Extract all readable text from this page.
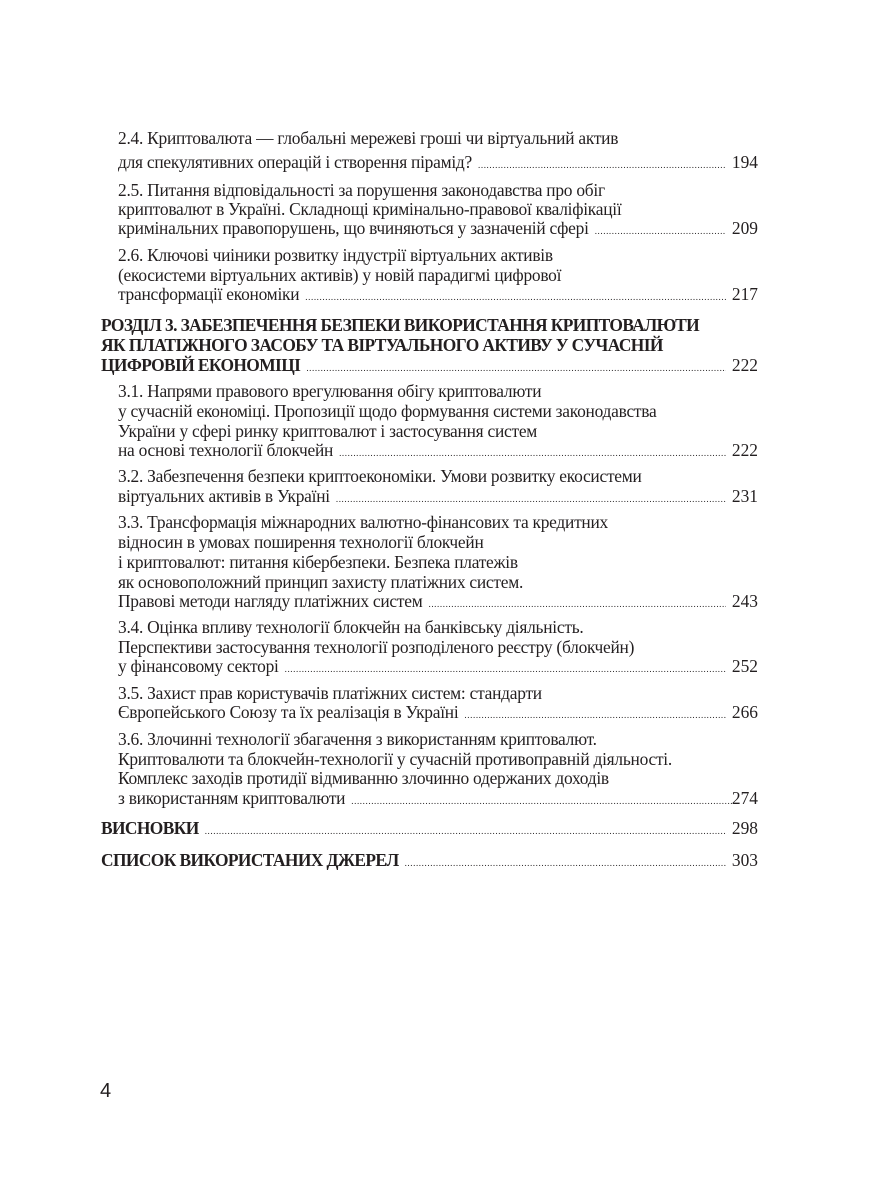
2.4. Криптовалюта — глобальні мережеві гроші чи віртуальний актив
для спекулятивних операцій і створення пірамід? .....	194
2.5. Питання відповідальності за порушення законодавства про обіг
криптовалют в Україні. Складнощі кримінально-правової кваліфікації
кримінальних правопорушень, що вчиняються у зазначеній сфері .....	209
2.6. Ключові чиіники розвитку індустрії віртуальних активів
(екосистеми віртуальних активів) у новій парадигмі цифрової
трансформації економіки .....	217
РОЗДІЛ 3. ЗАБЕЗПЕЧЕННЯ БЕЗПЕКИ ВИКОРИСТАННЯ КРИПТОВАЛЮТИ
ЯК ПЛАТІЖНОГО ЗАСОБУ ТА ВІРТУАЛЬНОГО АКТИВУ У СУЧАСНІЙ
ЦИФРОВІЙ ЕКОНОМІЦІ .....	222
3.1. Напрями правового врегулювання обігу криптовалюти
у сучасній економіці. Пропозиції щодо формування системи законодавства
України у сфері ринку криптовалют і застосування систем
на основі технології блокчейн .....	222
3.2. Забезпечення безпеки криптоекономіки. Умови розвитку екосистеми
віртуальних активів в Україні .....	231
3.3. Трансформація міжнародних валютно-фінансових та кредитних
відносин в умовах поширення технології блокчейн
і криптовалют: питання кібербезпеки. Безпека платежів
як основоположний принцип захисту платіжних систем.
Правові методи нагляду платіжних систем .....	243
3.4. Оцінка впливу технології блокчейн на банківську діяльність.
Перспективи застосування технології розподіленого реєстру (блокчейн)
у фінансовому секторі .....	252
3.5. Захист прав користувачів платіжних систем: стандарти
Європейського Союзу та їх реалізація в Україні .....	266
3.6. Злочинні технології збагачення з використанням криптовалют.
Криптовалюти та блокчейн-технології у сучасній противоправній діяльності.
Комплекс заходів протидії відмиванню злочинно одержаних доходів
з використанням криптовалюти .....	274
ВИСНОВКИ .....	298
СПИСОК ВИКОРИСТАНИХ ДЖЕРЕЛ .....	303
4
